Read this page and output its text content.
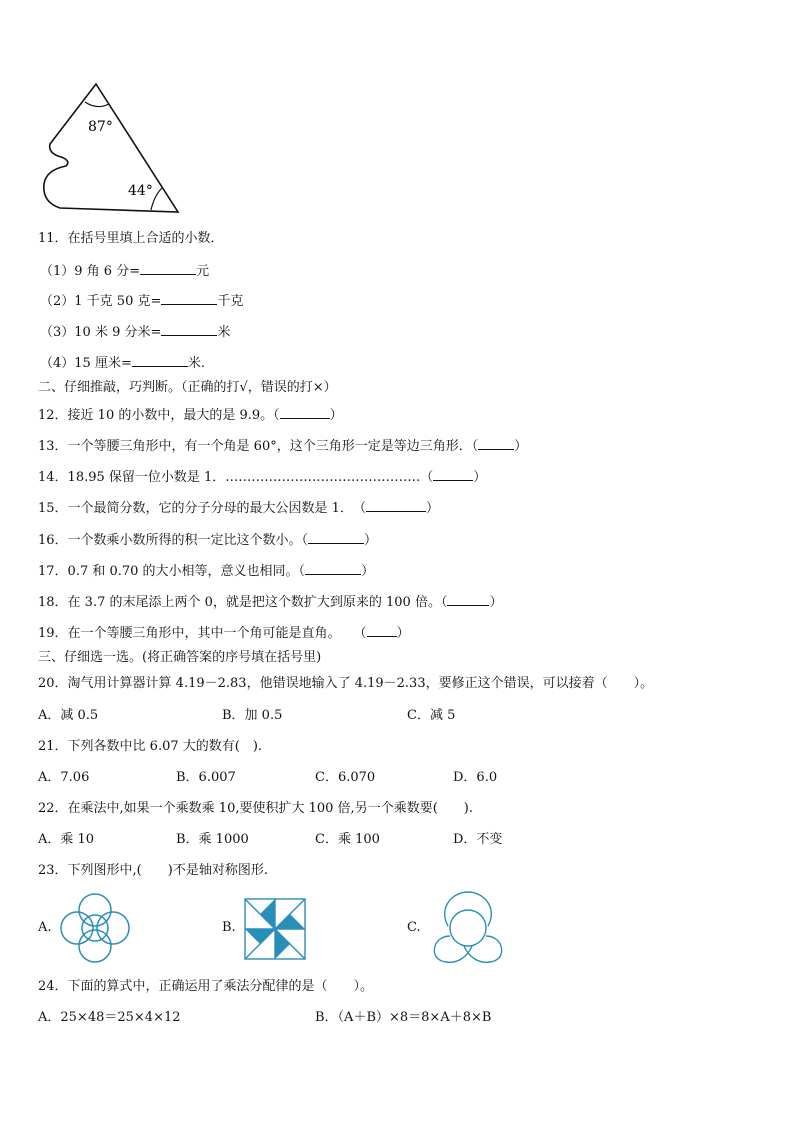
87°
44°
11．在括号里填上合适的小数．
（1）9 角 6 分=	元
（2）1 千克 50 克=	千克
（3）10 米 9 分米=	米
（4）15 厘米=	米.
二、仔细推敲，巧判断。（正确的打√，错误的打×）
12．接近 10 的小数中，最大的是 9.9。（	）
13．一个等腰三角形中，有一个角是 60°，这个三角形一定是等边三角形．（	）
14．18.95 保留一位小数是 1．………………………………………（	）
15．一个最简分数，它的分子分母的最大公因数是 1．　（	）
16．一个数乘小数所得的积一定比这个数小。（	）
17．0.7 和 0.70 的大小相等，意义也相同。（	）
18．在 3.7 的末尾添上两个 0，就是把这个数扩大到原来的 100 倍。（	）
19．在一个等腰三角形中，其中一个角可能是直角。　　（ ）
三、仔细选一选。(将正确答案的序号填在括号里)
20．淘气用计算器计算 4.19－2.83，他错误地输入了 4.19－2.33，要修正这个错误，可以接着（　　）。
A．减 0.5	B．加 0.5	C．减 5
21．下列各数中比 6.07 大的数有(　).
A．7.06	B．6.007	C．6.070	D．6.0
22．在乘法中,如果一个乘数乘 10,要使积扩大 100 倍,另一个乘数要(　　).
A．乘 10	B．乘 1000	C．乘 100	D．不变
23．下列图形中,(　　)不是轴对称图形.
A.	B.	C.
24．下面的算式中，正确运用了乘法分配律的是（　　）。
A．25×48＝25×4×12	B．（A＋B）×8＝8×A＋8×B
